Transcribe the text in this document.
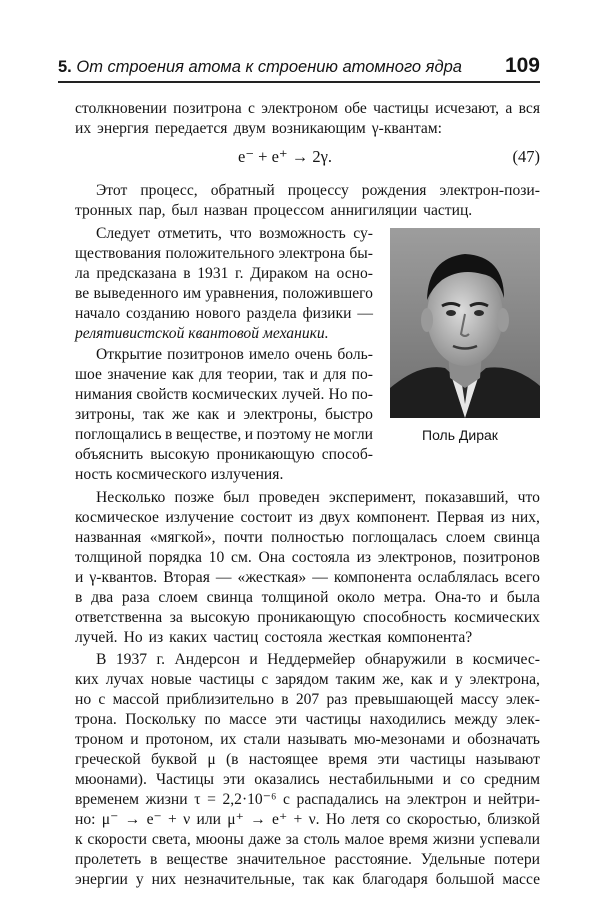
5. От строения атома к строению атомного ядра 109
столкновении позитрона с электроном обе частицы исчезают, а вся
их энергия передается двум возникающим γ-квантам:
e⁻ + e⁺ → 2γ.	(47)
Этот процесс, обратный процессу рождения электрон-пози-
тронных пар, был назван процессом аннигиляции частиц.
Следует отметить, что возможность су-
ществования положительного электрона бы-
ла предсказана в 1931 г. Дираком на осно-
ве выведенного им уравнения, положившего
начало созданию нового раздела физики —
релятивистской квантовой механики.
Открытие позитронов имело очень боль-
шое значение как для теории, так и для по-
нимания свойств космических лучей. Но по-
зитроны, так же как и электроны, быстро
поглощались в веществе, и поэтому не могли
объяснить высокую проникающую способ-
ность космического излучения.
Поль Дирак
Несколько позже был проведен эксперимент, показавший, что
космическое излучение состоит из двух компонент. Первая из них,
названная «мягкой», почти полностью поглощалась слоем свинца
толщиной порядка 10 см. Она состояла из электронов, позитронов
и γ-квантов. Вторая — «жесткая» — компонента ослаблялась всего
в два раза слоем свинца толщиной около метра. Она-то и была
ответственна за высокую проникающую способность космических
лучей. Но из каких частиц состояла жесткая компонента?
В 1937 г. Андерсон и Неддермейер обнаружили в космичес-
ких лучах новые частицы с зарядом таким же, как и у электрона,
но с массой приблизительно в 207 раз превышающей массу элек-
трона. Поскольку по массе эти частицы находились между элек-
троном и протоном, их стали называть мю-мезонами и обозначать
греческой буквой μ (в настоящее время эти частицы называют
мюонами). Частицы эти оказались нестабильными и со средним
временем жизни τ = 2,2·10⁻⁶ с распадались на электрон и нейтри-
но: μ⁻ → e⁻ + ν или μ⁺ → e⁺ + ν. Но летя со скоростью, близкой
к скорости света, мюоны даже за столь малое время жизни успевали
пролететь в веществе значительное расстояние. Удельные потери
энергии у них незначительные, так как благодаря большой массе
